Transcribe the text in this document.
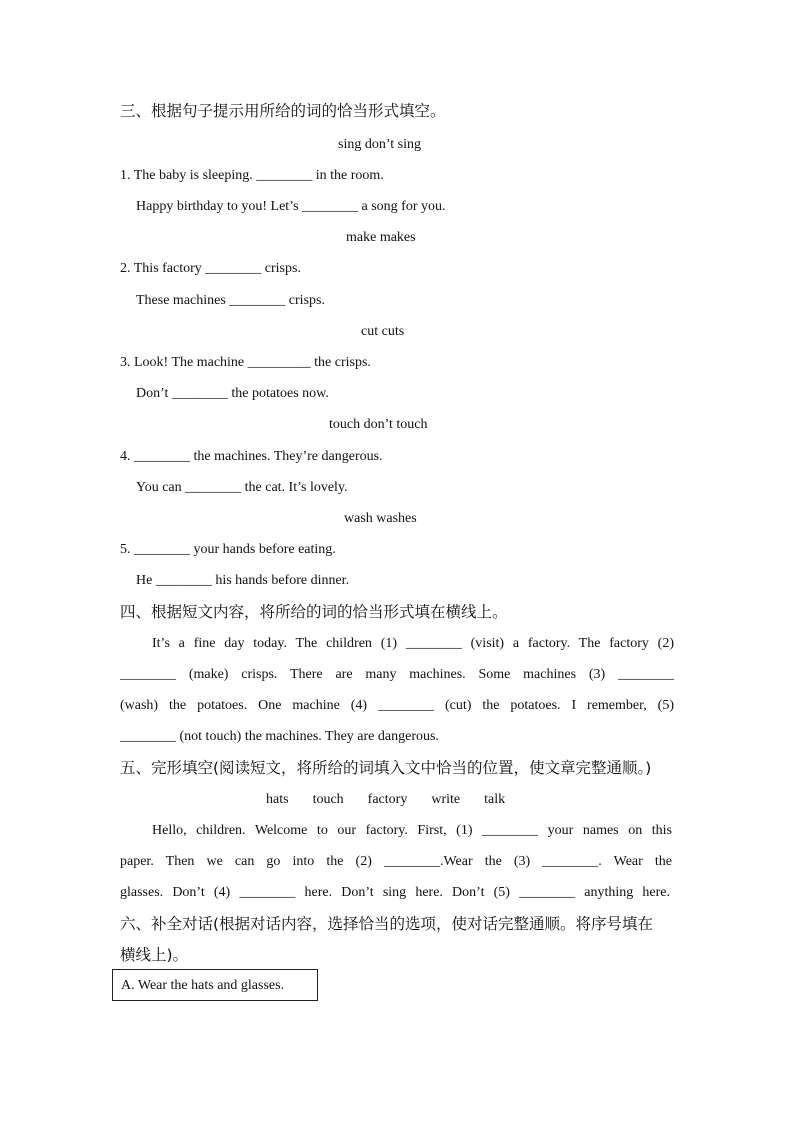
三、根据句子提示用所给的词的恰当形式填空。
sing don’t sing
1. The baby is sleeping. ________ in the room.
Happy birthday to you! Let’s ________ a song for you.
make makes
2. This factory ________ crisps.
These machines ________ crisps.
cut cuts
3. Look! The machine _________ the crisps.
Don’t ________ the potatoes now.
touch don’t touch
4. ________ the machines. They’re dangerous.
You can ________ the cat. It’s lovely.
wash washes
5. ________ your hands before eating.
He ________ his hands before dinner.
四、根据短文内容，将所给的词的恰当形式填在横线上。
It’s a fine day today. The children (1) ________ (visit) a factory. The factory (2)
________ (make) crisps. There are many machines. Some machines (3) ________
(wash) the potatoes. One machine (4) ________ (cut) the potatoes. I remember, (5)
________ (not touch) the machines. They are dangerous.
五、完形填空(阅读短文，将所给的词填入文中恰当的位置，使文章完整通顺。)
hats touch factory write talk
Hello, children. Welcome to our factory. First, (1) ________ your names on this
paper. Then we can go into the (2) ________.Wear the (3) ________. Wear the
glasses. Don’t (4) ________ here. Don’t sing here. Don’t (5) ________ anything here.
六、补全对话(根据对话内容，选择恰当的选项，使对话完整通顺。将序号填在
横线上)。
A. Wear the hats and glasses.
